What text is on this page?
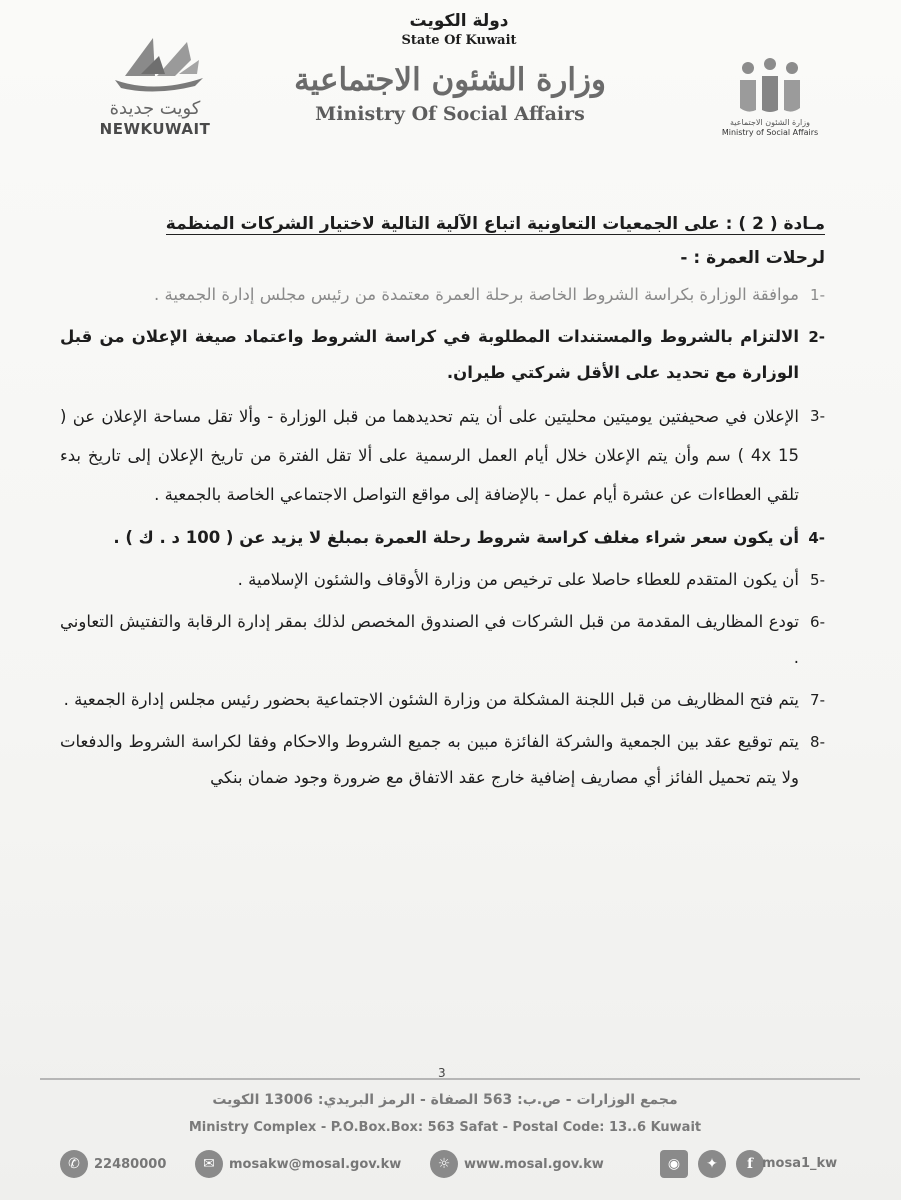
كويت جديدة
NEWKUWAIT
دولة الكويت
State Of Kuwait
وزارة الشئون الاجتماعية
Ministry Of Social Affairs	وزارة الشئون الاجتماعية
Ministry of Social Affairs

مـادة ( 2 ) : على الجمعيات التعاونية اتباع الآلية التالية لاختيار الشركات المنظمة

لرحلات العمرة : -

-1
موافقة الوزارة بكراسة الشروط الخاصة برحلة العمرة معتمدة من رئيس مجلس إدارة الجمعية .
-2
الالتزام بالشروط والمستندات المطلوبة في كراسة الشروط واعتماد صيغة الإعلان من قبل الوزارة مع تحديد على الأقل شركتي طيران.
-3
الإعلان في صحيفتين يوميتين محليتين على أن يتم تحديدهما من قبل الوزارة - وألا تقل مساحة الإعلان عن ( 4x 15 ) سم وأن يتم الإعلان خلال أيام العمل الرسمية على ألا تقل الفترة من تاريخ الإعلان إلى تاريخ بدء تلقي العطاءات عن عشرة أيام عمل - بالإضافة إلى مواقع التواصل الاجتماعي الخاصة بالجمعية .
-4
أن يكون سعر شراء مغلف كراسة شروط رحلة العمرة بمبلغ لا يزيد عن ( 100 د . ك ) .
-5
أن يكون المتقدم للعطاء حاصلا على ترخيص من وزارة الأوقاف والشئون الإسلامية .
-6
تودع المظاريف المقدمة من قبل الشركات في الصندوق المخصص لذلك بمقر إدارة الرقابة والتفتيش التعاوني .
-7
يتم فتح المظاريف من قبل اللجنة المشكلة من وزارة الشئون الاجتماعية بحضور رئيس مجلس إدارة الجمعية .
-8
يتم توقيع عقد بين الجمعية والشركة الفائزة مبين به جميع الشروط والاحكام وفقا لكراسة الشروط والدفعات ولا يتم تحميل الفائز أي مصاريف إضافية خارج عقد الاتفاق مع ضرورة وجود ضمان بنكي
3
مجمع الوزارات - ص.ب: 563 الصفاة - الرمز البريدي: 13006 الكويت
Ministry Complex - P.O.Box.Box: 563 Safat - Postal Code: 13..6 Kuwait
✆	22480000	✉	mosakw@mosal.gov.kw	☼	www.mosal.gov.kw	◉	✦	f mosa1_kw
